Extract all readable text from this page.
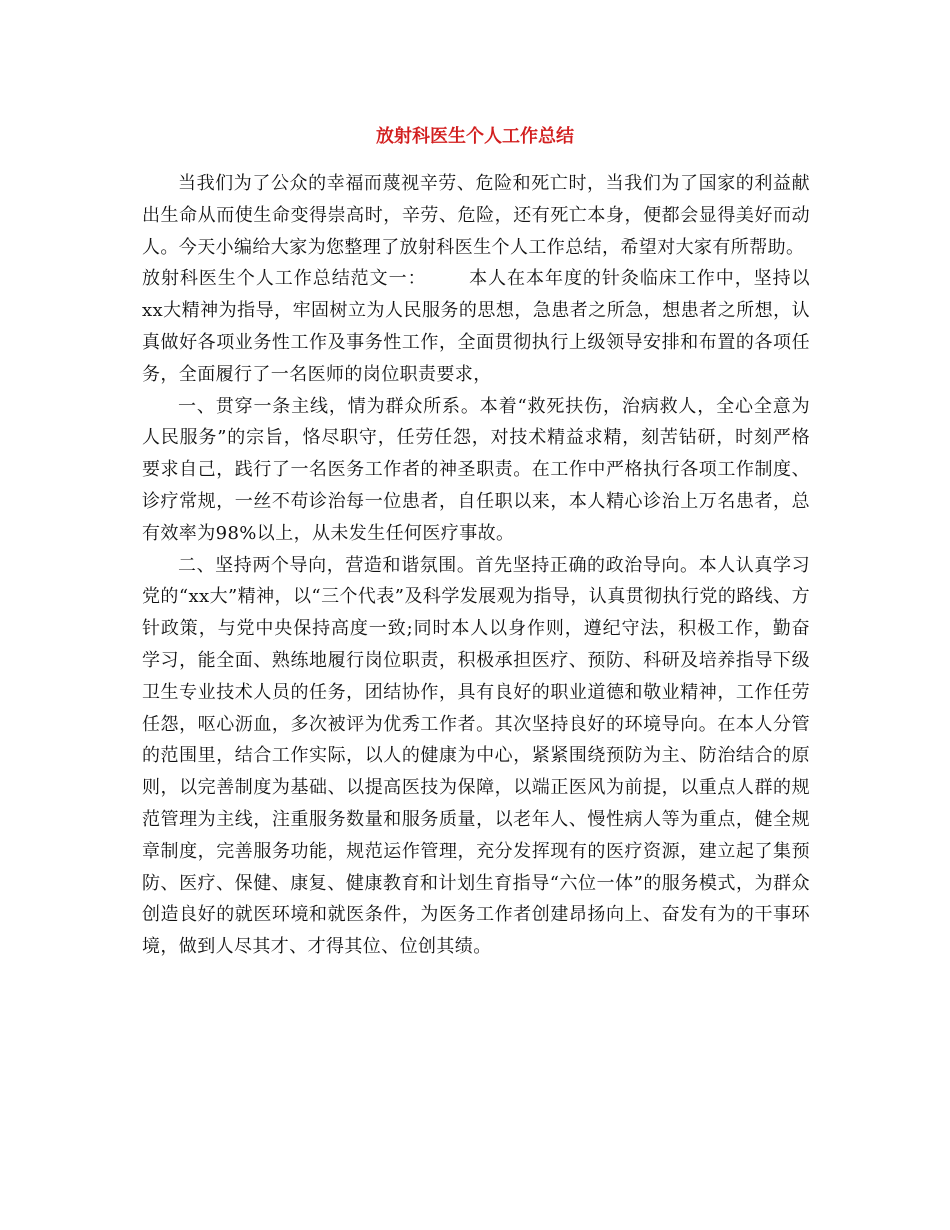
放射科医生个人工作总结

当我们为了公众的幸福而蔑视辛劳、危险和死亡时，当我们为了国家的利益献出生命从而使生命变得崇高时，辛劳、危险，还有死亡本身，便都会显得美好而动人。今天小编给大家为您整理了放射科医生个人工作总结，希望对大家有所帮助。

放射科医生个人工作总结范文一： 本人在本年度的针灸临床工作中，坚持以xx大精神为指导，牢固树立为人民服务的思想，急患者之所急，想患者之所想，认真做好各项业务性工作及事务性工作，全面贯彻执行上级领导安排和布置的各项任务，全面履行了一名医师的岗位职责要求，

一、贯穿一条主线，情为群众所系。本着“救死扶伤，治病救人，全心全意为人民服务”的宗旨，恪尽职守，任劳任怨，对技术精益求精，刻苦钻研，时刻严格要求自己，践行了一名医务工作者的神圣职责。在工作中严格执行各项工作制度、诊疗常规，一丝不苟诊治每一位患者，自任职以来，本人精心诊治上万名患者，总有效率为98%以上，从未发生任何医疗事故。

二、坚持两个导向，营造和谐氛围。首先坚持正确的政治导向。本人认真学习党的“xx大”精神，以“三个代表”及科学发展观为指导，认真贯彻执行党的路线、方针政策，与党中央保持高度一致;同时本人以身作则，遵纪守法，积极工作，勤奋学习，能全面、熟练地履行岗位职责，积极承担医疗、预防、科研及培养指导下级卫生专业技术人员的任务，团结协作，具有良好的职业道德和敬业精神，工作任劳任怨，呕心沥血，多次被评为优秀工作者。其次坚持良好的环境导向。在本人分管的范围里，结合工作实际，以人的健康为中心，紧紧围绕预防为主、防治结合的原则，以完善制度为基础、以提高医技为保障，以端正医风为前提，以重点人群的规范管理为主线，注重服务数量和服务质量，以老年人、慢性病人等为重点，健全规章制度，完善服务功能，规范运作管理，充分发挥现有的医疗资源，建立起了集预防、医疗、保健、康复、健康教育和计划生育指导“六位一体”的服务模式，为群众创造良好的就医环境和就医条件，为医务工作者创建昂扬向上、奋发有为的干事环境，做到人尽其才、才得其位、位创其绩。
